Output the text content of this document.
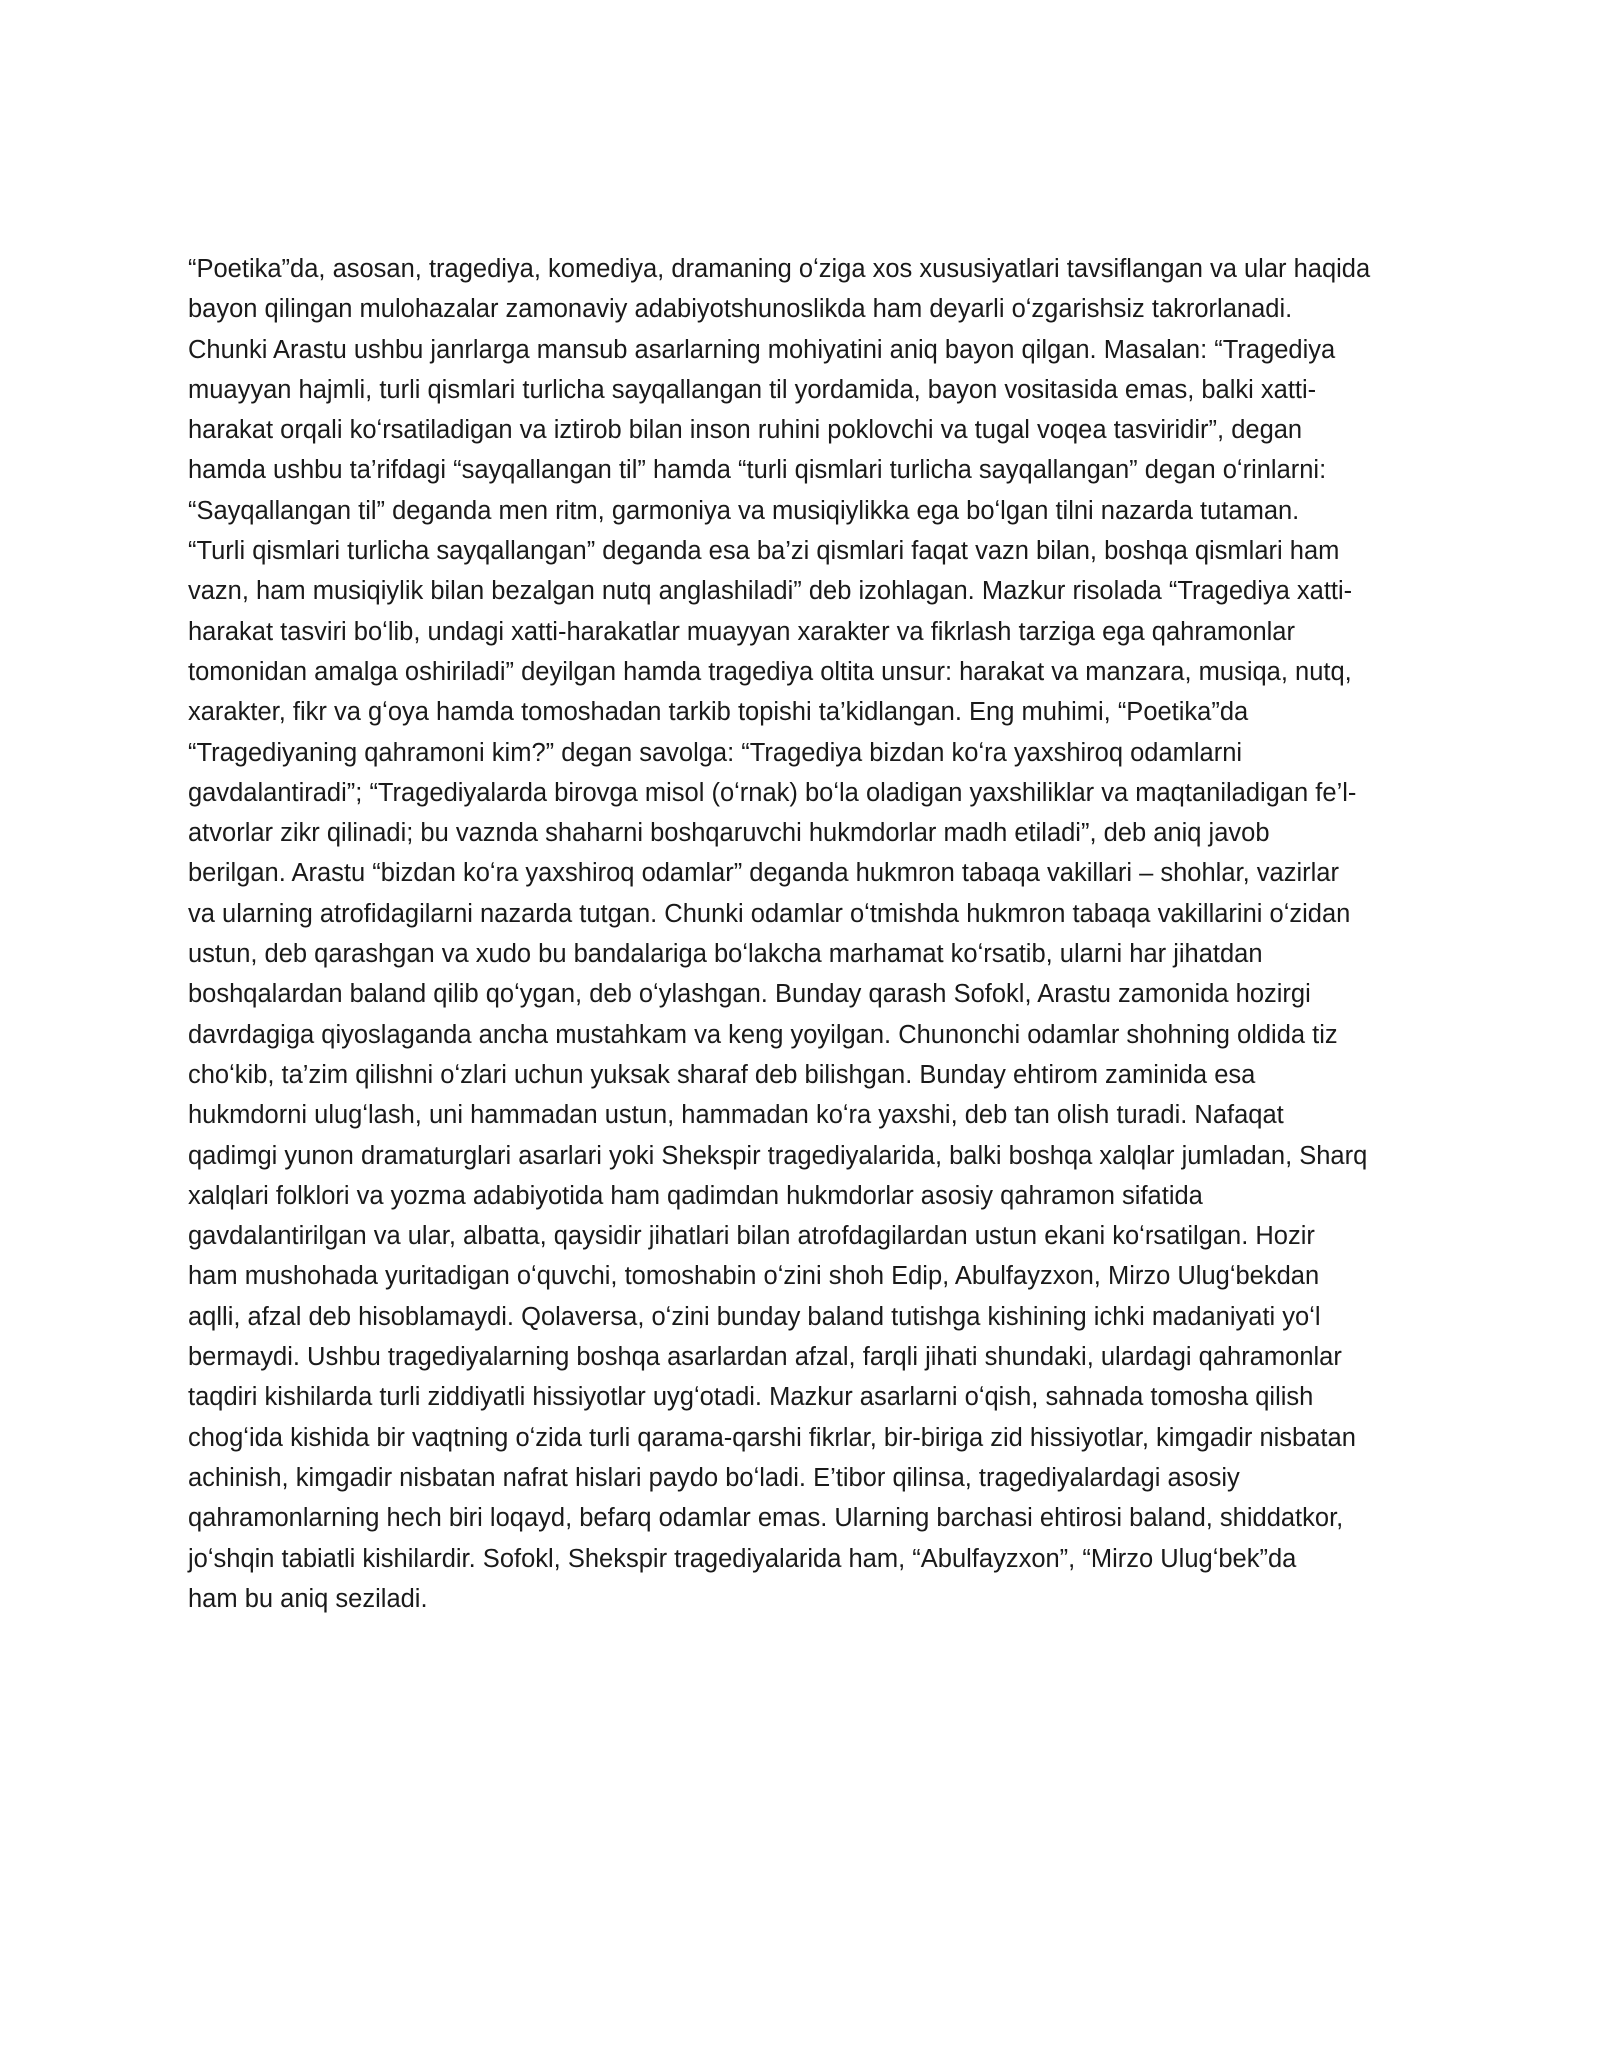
“Poetika”da, asosan, tragediya, komediya, dramaning oʻziga xos xususiyatlari tavsiflangan va ular haqida
bayon qilingan mulohazalar zamonaviy adabiyotshunoslikda ham deyarli oʻzgarishsiz takrorlanadi.
Chunki Arastu ushbu janrlarga mansub asarlarning mohiyatini aniq bayon qilgan. Masalan: “Tragediya
muayyan hajmli, turli qismlari turlicha sayqallangan til yordamida, bayon vositasida emas, balki xatti-
harakat orqali koʻrsatiladigan va iztirob bilan inson ruhini poklovchi va tugal voqea tasviridir”, degan
hamda ushbu ta’rifdagi “sayqallangan til” hamda “turli qismlari turlicha sayqallangan” degan oʻrinlarni:
“Sayqallangan til” deganda men ritm, garmoniya va musiqiylikka ega boʻlgan tilni nazarda tutaman.
“Turli qismlari turlicha sayqallangan” deganda esa ba’zi qismlari faqat vazn bilan, boshqa qismlari ham
vazn, ham musiqiylik bilan bezalgan nutq anglashiladi” deb izohlagan. Mazkur risolada “Tragediya xatti-
harakat tasviri boʻlib, undagi xatti-harakatlar muayyan xarakter va fikrlash tarziga ega qahramonlar
tomonidan amalga oshiriladi” deyilgan hamda tragediya oltita unsur: harakat va manzara, musiqa, nutq,
xarakter, fikr va gʻoya hamda tomoshadan tarkib topishi ta’kidlangan. Eng muhimi, “Poetika”da
“Tragediyaning qahramoni kim?” degan savolga: “Tragediya bizdan koʻra yaxshiroq odamlarni
gavdalantiradi”; “Tragediyalarda birovga misol (oʻrnak) boʻla oladigan yaxshiliklar va maqtaniladigan fe’l-
atvorlar zikr qilinadi; bu vaznda shaharni boshqaruvchi hukmdorlar madh etiladi”, deb aniq javob
berilgan. Arastu “bizdan koʻra yaxshiroq odamlar” deganda hukmron tabaqa vakillari – shohlar, vazirlar
va ularning atrofidagilarni nazarda tutgan. Chunki odamlar oʻtmishda hukmron tabaqa vakillarini oʻzidan
ustun, deb qarashgan va xudo bu bandalariga boʻlakcha marhamat koʻrsatib, ularni har jihatdan
boshqalardan baland qilib qoʻygan, deb oʻylashgan. Bunday qarash Sofokl, Arastu zamonida hozirgi
davrdagiga qiyoslaganda ancha mustahkam va keng yoyilgan. Chunonchi odamlar shohning oldida tiz
choʻkib, ta’zim qilishni oʻzlari uchun yuksak sharaf deb bilishgan. Bunday ehtirom zaminida esa
hukmdorni ulugʻlash, uni hammadan ustun, hammadan koʻra yaxshi, deb tan olish turadi. Nafaqat
qadimgi yunon dramaturglari asarlari yoki Shekspir tragediyalarida, balki boshqa xalqlar jumladan, Sharq
xalqlari folklori va yozma adabiyotida ham qadimdan hukmdorlar asosiy qahramon sifatida
gavdalantirilgan va ular, albatta, qaysidir jihatlari bilan atrofdagilardan ustun ekani koʻrsatilgan. Hozir
ham mushohada yuritadigan oʻquvchi, tomoshabin oʻzini shoh Edip, Abulfayzxon, Mirzo Ulugʻbekdan
aqlli, afzal deb hisoblamaydi. Qolaversa, oʻzini bunday baland tutishga kishining ichki madaniyati yoʻl
bermaydi. Ushbu tragediyalarning boshqa asarlardan afzal, farqli jihati shundaki, ulardagi qahramonlar
taqdiri kishilarda turli ziddiyatli hissiyotlar uygʻotadi. Mazkur asarlarni oʻqish, sahnada tomosha qilish
chogʻida kishida bir vaqtning oʻzida turli qarama-qarshi fikrlar, bir-biriga zid hissiyotlar, kimgadir nisbatan
achinish, kimgadir nisbatan nafrat hislari paydo boʻladi. E’tibor qilinsa, tragediyalardagi asosiy
qahramonlarning hech biri loqayd, befarq odamlar emas. Ularning barchasi ehtirosi baland, shiddatkor,
joʻshqin tabiatli kishilardir. Sofokl, Shekspir tragediyalarida ham, “Abulfayzxon”, “Mirzo Ulugʻbek”da
ham bu aniq seziladi.
